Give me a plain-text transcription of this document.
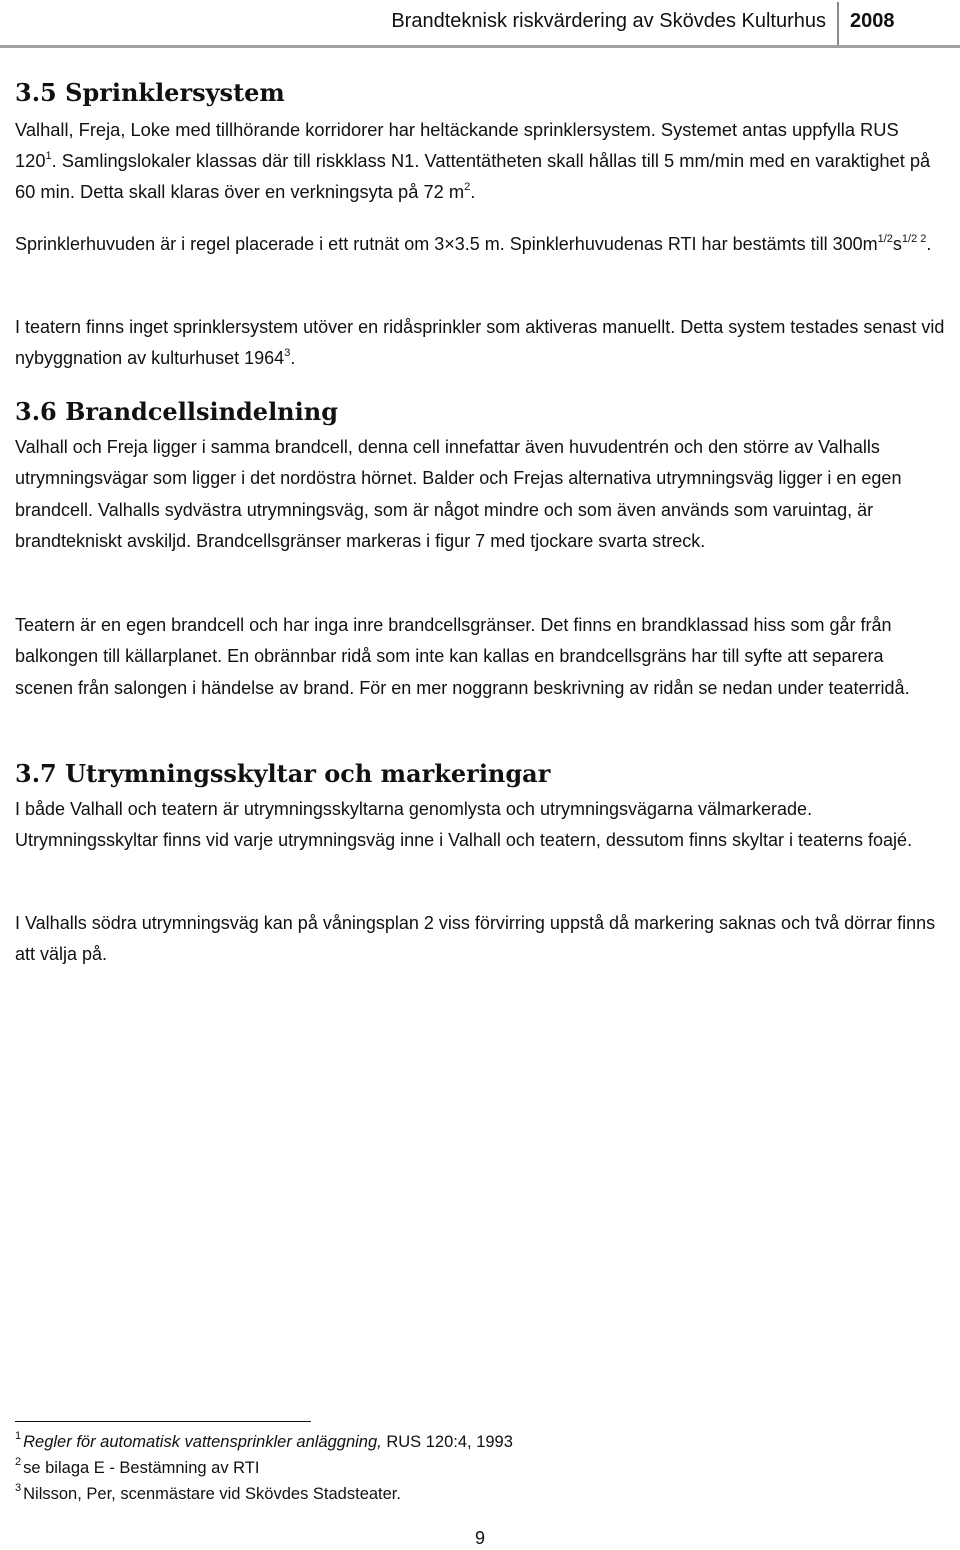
Brandteknisk riskvärdering av Skövdes Kulturhus 2008
3.5 Sprinklersystem

Valhall, Freja, Loke med tillhörande korridorer har heltäckande sprinklersystem. Systemet antas uppfylla RUS $120^1$. Samlingslokaler klassas där till riskklass N1. Vattentätheten skall hållas till 5 mm/min med en varaktighet på 60 min. Detta skall klaras över en verkningsyta på 72 $m^2$.

Sprinklerhuvuden är i regel placerade i ett rutnät om 3×3.5 m. Spinklerhuvudenas RTI har bestämts till $300m^{1/2}s^{1/2 2}$.

I teatern finns inget sprinklersystem utöver en ridåsprinkler som aktiveras manuellt. Detta system testades senast vid nybyggnation av kulturhuset 1964$^3$.

3.6 Brandcellsindelning

Valhall och Freja ligger i samma brandcell, denna cell innefattar även huvudentrén och den större av Valhalls utrymningsvägar som ligger i det nordöstra hörnet. Balder och Frejas alternativa utrymningsväg ligger i en egen brandcell. Valhalls sydvästra utrymningsväg, som är något mindre och som även används som varuintag, är brandtekniskt avskiljd. Brandcellsgränser markeras i figur 7 med tjockare svarta streck.

Teatern är en egen brandcell och har inga inre brandcellsgränser. Det finns en brandklassad hiss som går från balkongen till källarplanet. En obrännbar ridå som inte kan kallas en brandcellsgräns har till syfte att separera scenen från salongen i händelse av brand. För en mer noggrann beskrivning av ridån se nedan under teaterridå.

3.7 Utrymningsskyltar och markeringar

I både Valhall och teatern är utrymningsskyltarna genomlysta och utrymningsvägarna välmarkerade. Utrymningsskyltar finns vid varje utrymningsväg inne i Valhall och teatern, dessutom finns skyltar i teaterns foajé.

I Valhalls södra utrymningsväg kan på våningsplan 2 viss förvirring uppstå då markering saknas och två dörrar finns att välja på.

$^1$ Regler för automatisk vattensprinkler anläggning, RUS 120:4, 1993

$^2$ se bilaga E - Bestämning av RTI

$^3$ Nilsson, Per, scenmästare vid Skövdes Stadsteater.

9
